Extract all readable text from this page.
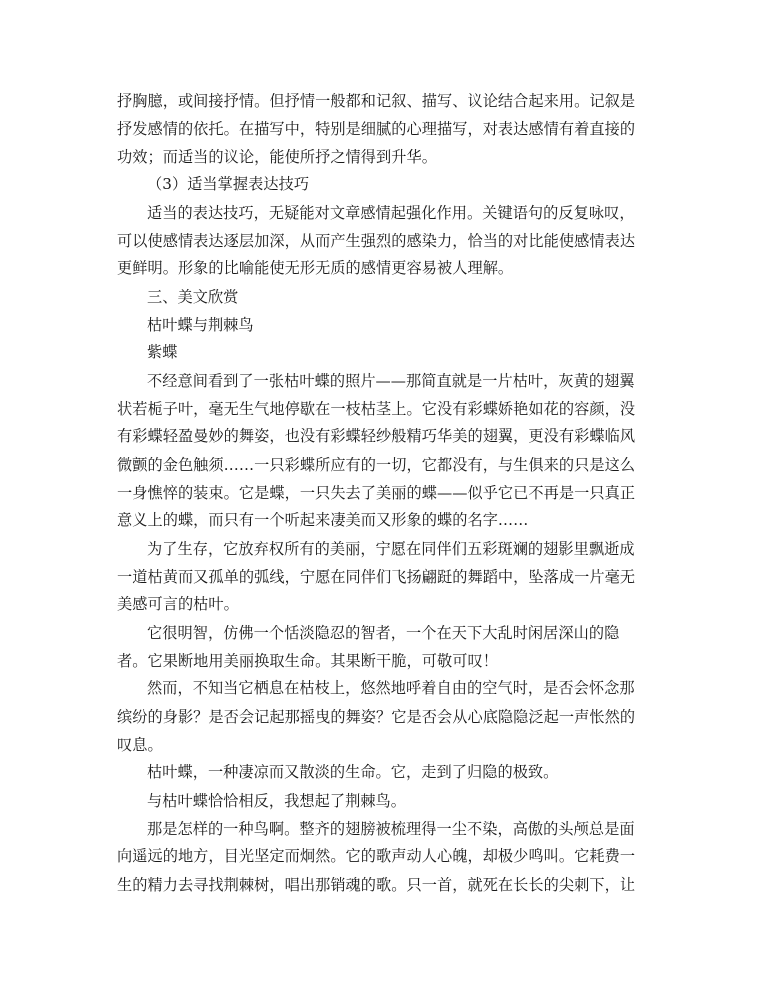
抒胸臆，或间接抒情。但抒情一般都和记叙、描写、议论结合起来用。记叙是
抒发感情的依托。在描写中，特别是细腻的心理描写，对表达感情有着直接的
功效；而适当的议论，能使所抒之情得到升华。
（3）适当掌握表达技巧
适当的表达技巧，无疑能对文章感情起强化作用。关键语句的反复咏叹，
可以使感情表达逐层加深，从而产生强烈的感染力，恰当的对比能使感情表达
更鲜明。形象的比喻能使无形无质的感情更容易被人理解。
三、美文欣赏
枯叶蝶与荆棘鸟
紫蝶
不经意间看到了一张枯叶蝶的照片——那简直就是一片枯叶，灰黄的翅翼
状若栀子叶，毫无生气地停歇在一枝枯茎上。它没有彩蝶娇艳如花的容颜，没
有彩蝶轻盈曼妙的舞姿，也没有彩蝶轻纱般精巧华美的翅翼，更没有彩蝶临风
微颤的金色触须……一只彩蝶所应有的一切，它都没有，与生俱来的只是这么
一身憔悴的装束。它是蝶，一只失去了美丽的蝶——似乎它已不再是一只真正
意义上的蝶，而只有一个听起来凄美而又形象的蝶的名字……
为了生存，它放弃权所有的美丽，宁愿在同伴们五彩斑斓的翅影里飘逝成
一道枯黄而又孤单的弧线，宁愿在同伴们飞扬翩跹的舞蹈中，坠落成一片毫无
美感可言的枯叶。
它很明智，仿佛一个恬淡隐忍的智者，一个在天下大乱时闲居深山的隐
者。它果断地用美丽换取生命。其果断干脆，可敬可叹！
然而，不知当它栖息在枯枝上，悠然地呼着自由的空气时，是否会怀念那
缤纷的身影？是否会记起那摇曳的舞姿？它是否会从心底隐隐泛起一声怅然的
叹息。
枯叶蝶，一种凄凉而又散淡的生命。它，走到了归隐的极致。
与枯叶蝶恰恰相反，我想起了荆棘鸟。
那是怎样的一种鸟啊。整齐的翅膀被梳理得一尘不染，高傲的头颅总是面
向遥远的地方，目光坚定而炯然。它的歌声动人心魄，却极少鸣叫。它耗费一
生的精力去寻找荆棘树，唱出那销魂的歌。只一首，就死在长长的尖刺下，让
